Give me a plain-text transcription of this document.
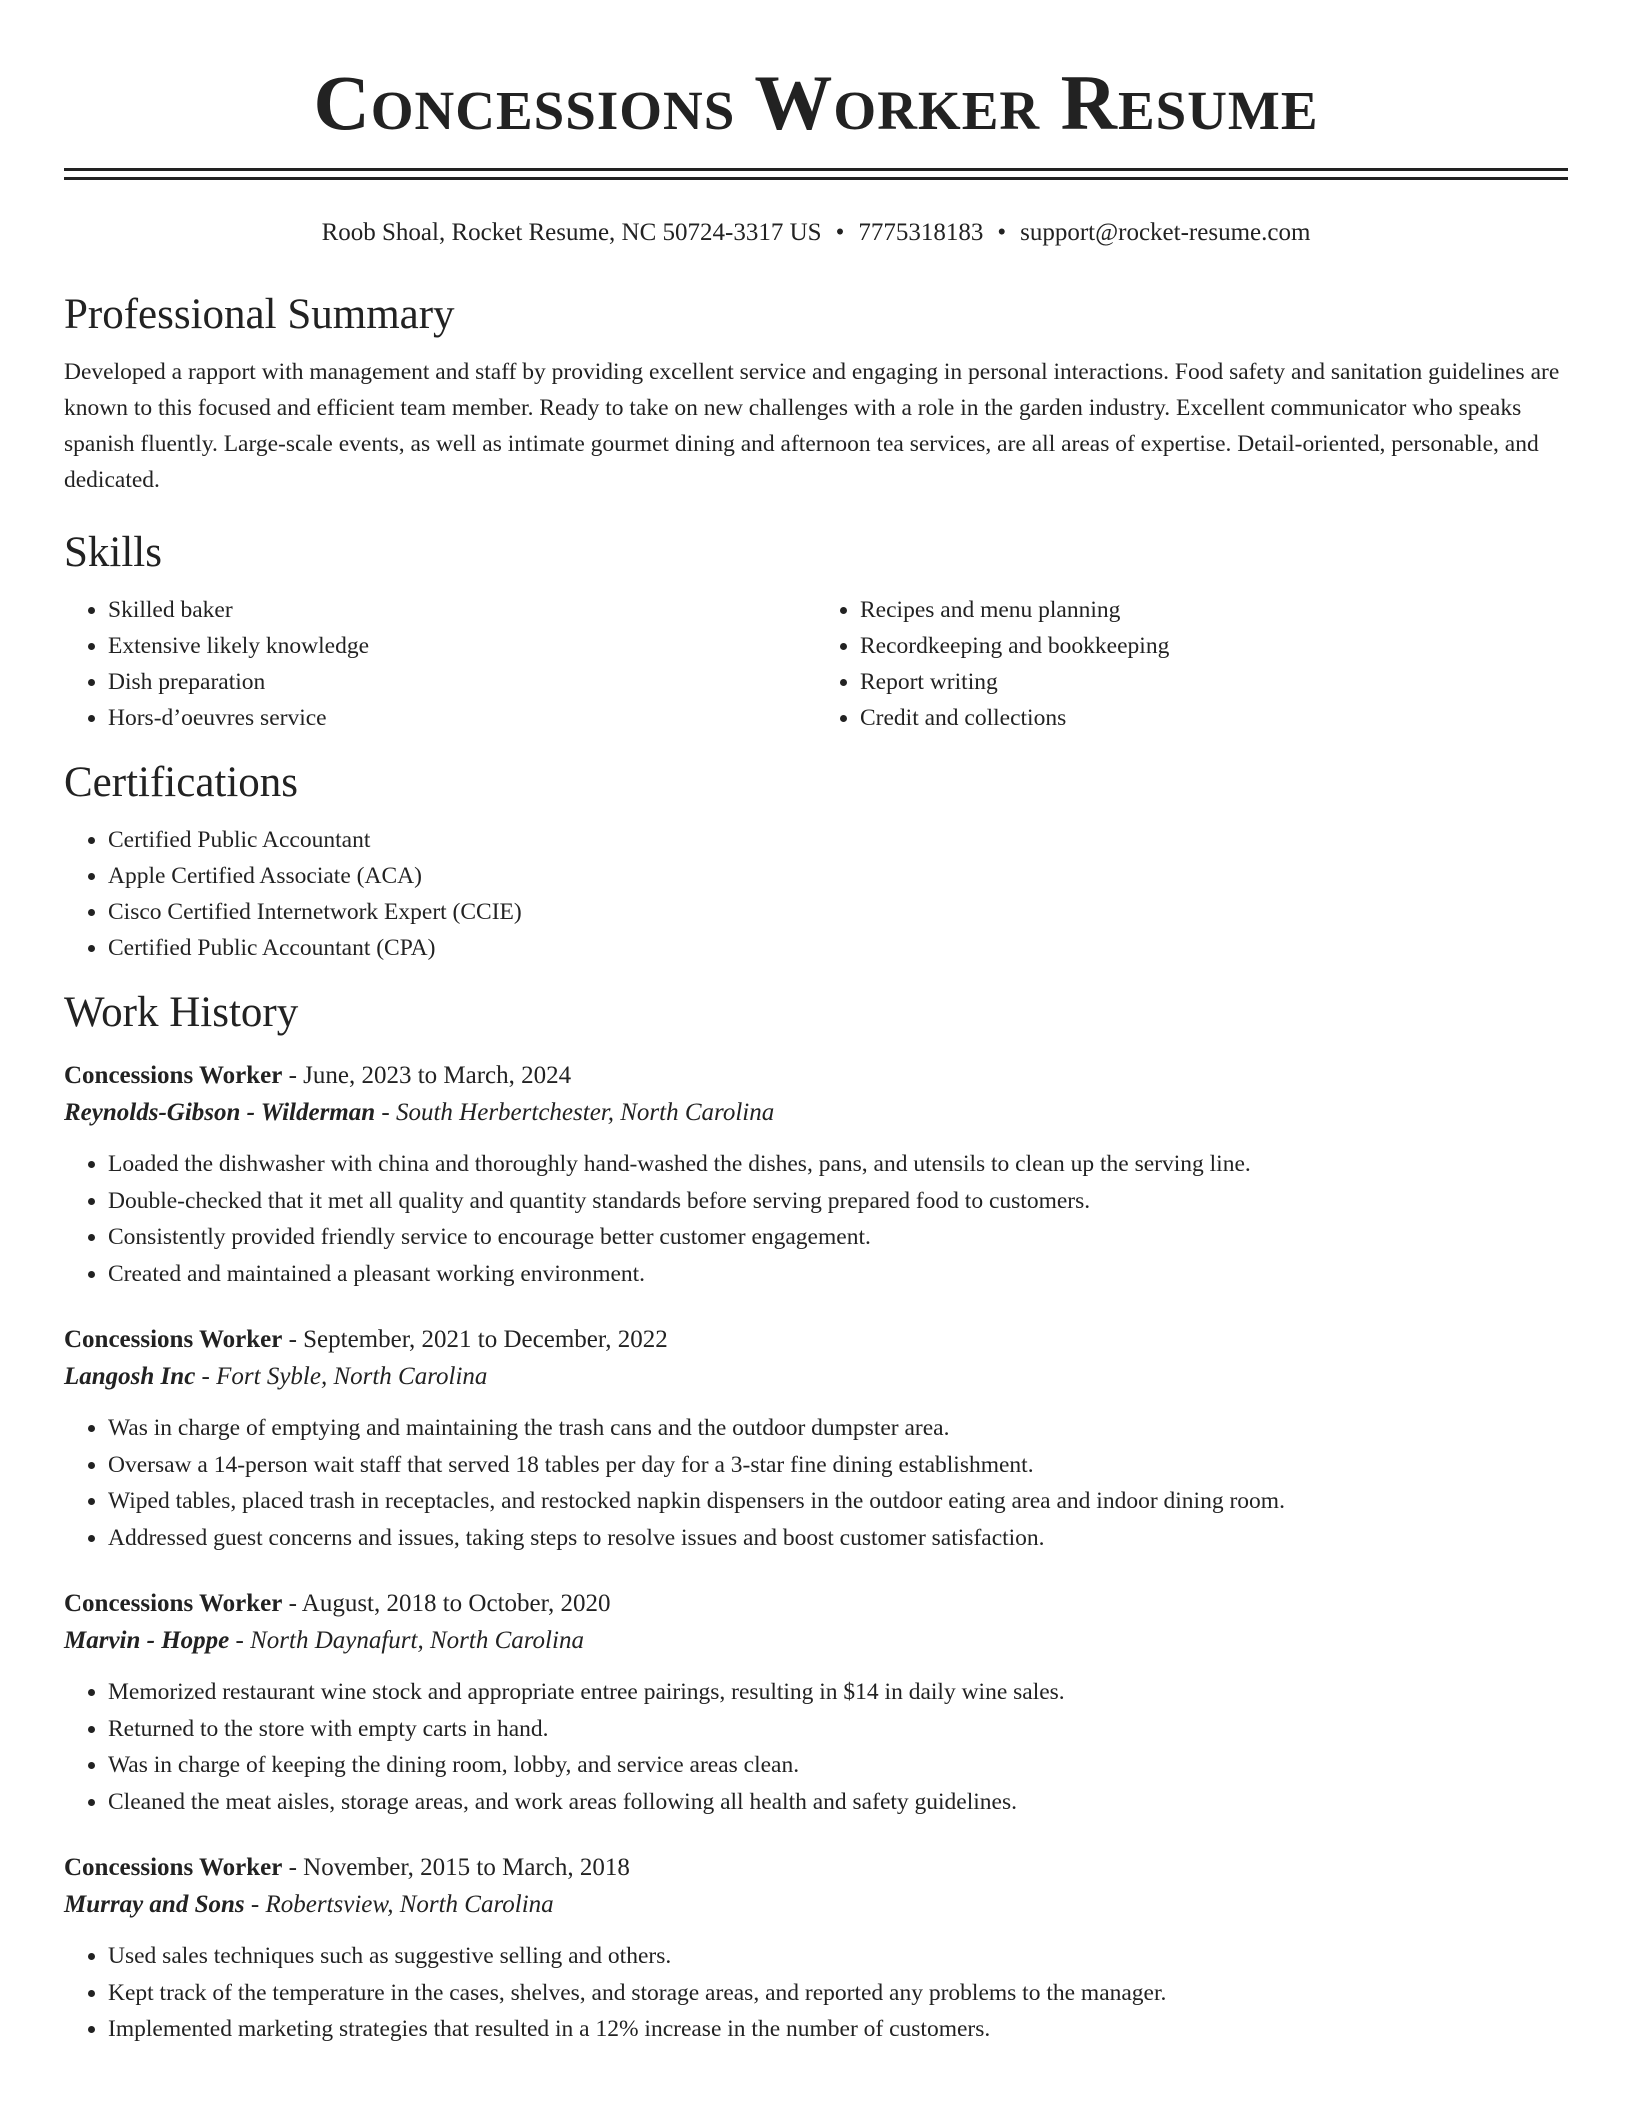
Concessions Worker Resume
Roob Shoal, Rocket Resume, NC 50724-3317 US • 7775318183 • support@rocket-resume.com
Professional Summary
Developed a rapport with management and staff by providing excellent service and engaging in personal interactions. Food safety and sanitation guidelines are known to this focused and efficient team member. Ready to take on new challenges with a role in the garden industry. Excellent communicator who speaks spanish fluently. Large-scale events, as well as intimate gourmet dining and afternoon tea services, are all areas of expertise. Detail-oriented, personable, and dedicated.
Skills
• Skilled baker
• Extensive likely knowledge
• Dish preparation
• Hors-d’oeuvres service
• Recipes and menu planning
• Recordkeeping and bookkeeping
• Report writing
• Credit and collections
Certifications
• Certified Public Accountant
• Apple Certified Associate (ACA)
• Cisco Certified Internetwork Expert (CCIE)
• Certified Public Accountant (CPA)
Work History
Concessions Worker - June, 2023 to March, 2024
Reynolds-Gibson - Wilderman - South Herbertchester, North Carolina
• Loaded the dishwasher with china and thoroughly hand-washed the dishes, pans, and utensils to clean up the serving line.
• Double-checked that it met all quality and quantity standards before serving prepared food to customers.
• Consistently provided friendly service to encourage better customer engagement.
• Created and maintained a pleasant working environment.
Concessions Worker - September, 2021 to December, 2022
Langosh Inc - Fort Syble, North Carolina
• Was in charge of emptying and maintaining the trash cans and the outdoor dumpster area.
• Oversaw a 14-person wait staff that served 18 tables per day for a 3-star fine dining establishment.
• Wiped tables, placed trash in receptacles, and restocked napkin dispensers in the outdoor eating area and indoor dining room.
• Addressed guest concerns and issues, taking steps to resolve issues and boost customer satisfaction.
Concessions Worker - August, 2018 to October, 2020
Marvin - Hoppe - North Daynafurt, North Carolina
• Memorized restaurant wine stock and appropriate entree pairings, resulting in $14 in daily wine sales.
• Returned to the store with empty carts in hand.
• Was in charge of keeping the dining room, lobby, and service areas clean.
• Cleaned the meat aisles, storage areas, and work areas following all health and safety guidelines.
Concessions Worker - November, 2015 to March, 2018
Murray and Sons - Robertsview, North Carolina
• Used sales techniques such as suggestive selling and others.
• Kept track of the temperature in the cases, shelves, and storage areas, and reported any problems to the manager.
• Implemented marketing strategies that resulted in a 12% increase in the number of customers.
